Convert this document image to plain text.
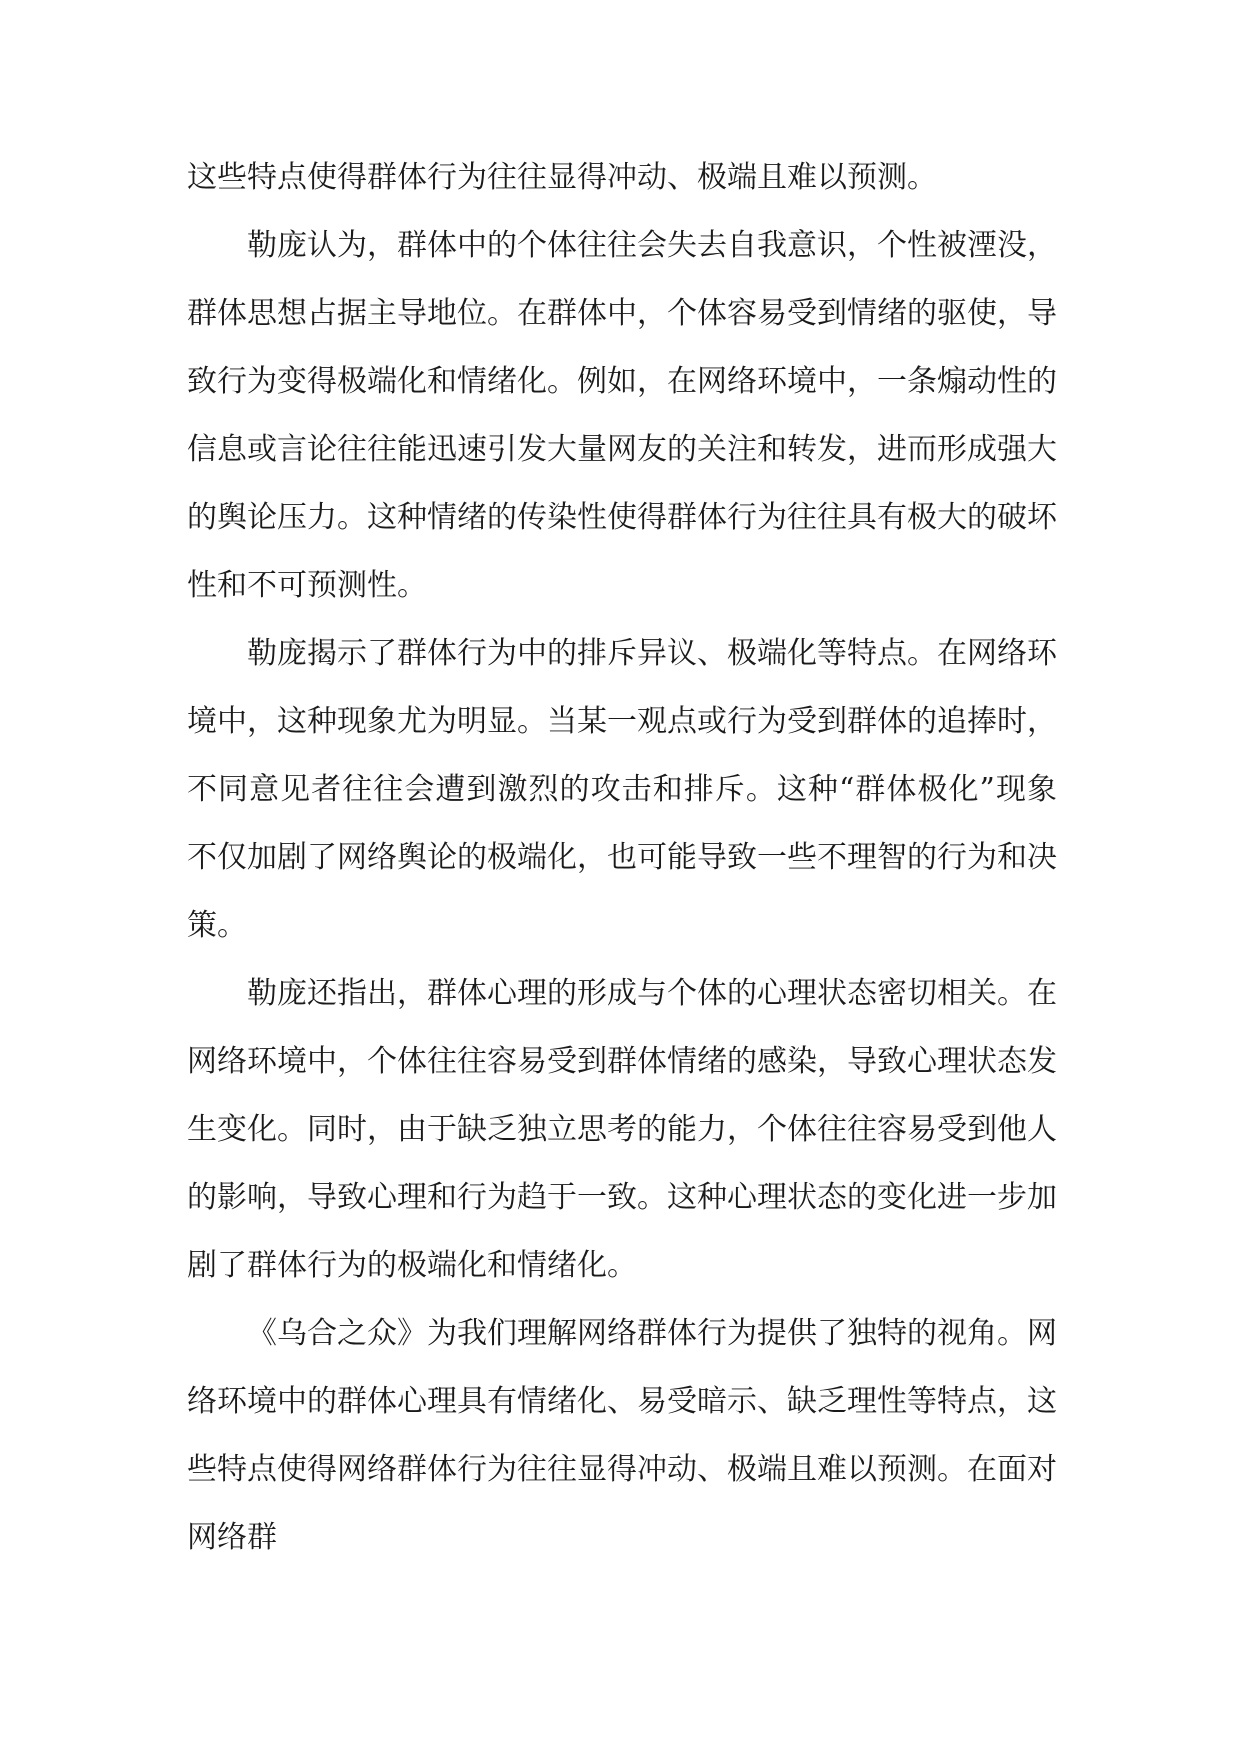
这些特点使得群体行为往往显得冲动、极端且难以预测。

勒庞认为，群体中的个体往往会失去自我意识，个性被湮没，群体思想占据主导地位。在群体中，个体容易受到情绪的驱使，导致行为变得极端化和情绪化。例如，在网络环境中，一条煽动性的信息或言论往往能迅速引发大量网友的关注和转发，进而形成强大的舆论压力。这种情绪的传染性使得群体行为往往具有极大的破坏性和不可预测性。

勒庞揭示了群体行为中的排斥异议、极端化等特点。在网络环境中，这种现象尤为明显。当某一观点或行为受到群体的追捧时，不同意见者往往会遭到激烈的攻击和排斥。这种“群体极化”现象不仅加剧了网络舆论的极端化，也可能导致一些不理智的行为和决策。

勒庞还指出，群体心理的形成与个体的心理状态密切相关。在网络环境中，个体往往容易受到群体情绪的感染，导致心理状态发生变化。同时，由于缺乏独立思考的能力，个体往往容易受到他人的影响，导致心理和行为趋于一致。这种心理状态的变化进一步加剧了群体行为的极端化和情绪化。

《乌合之众》为我们理解网络群体行为提供了独特的视角。网络环境中的群体心理具有情绪化、易受暗示、缺乏理性等特点，这些特点使得网络群体行为往往显得冲动、极端且难以预测。在面对网络群
